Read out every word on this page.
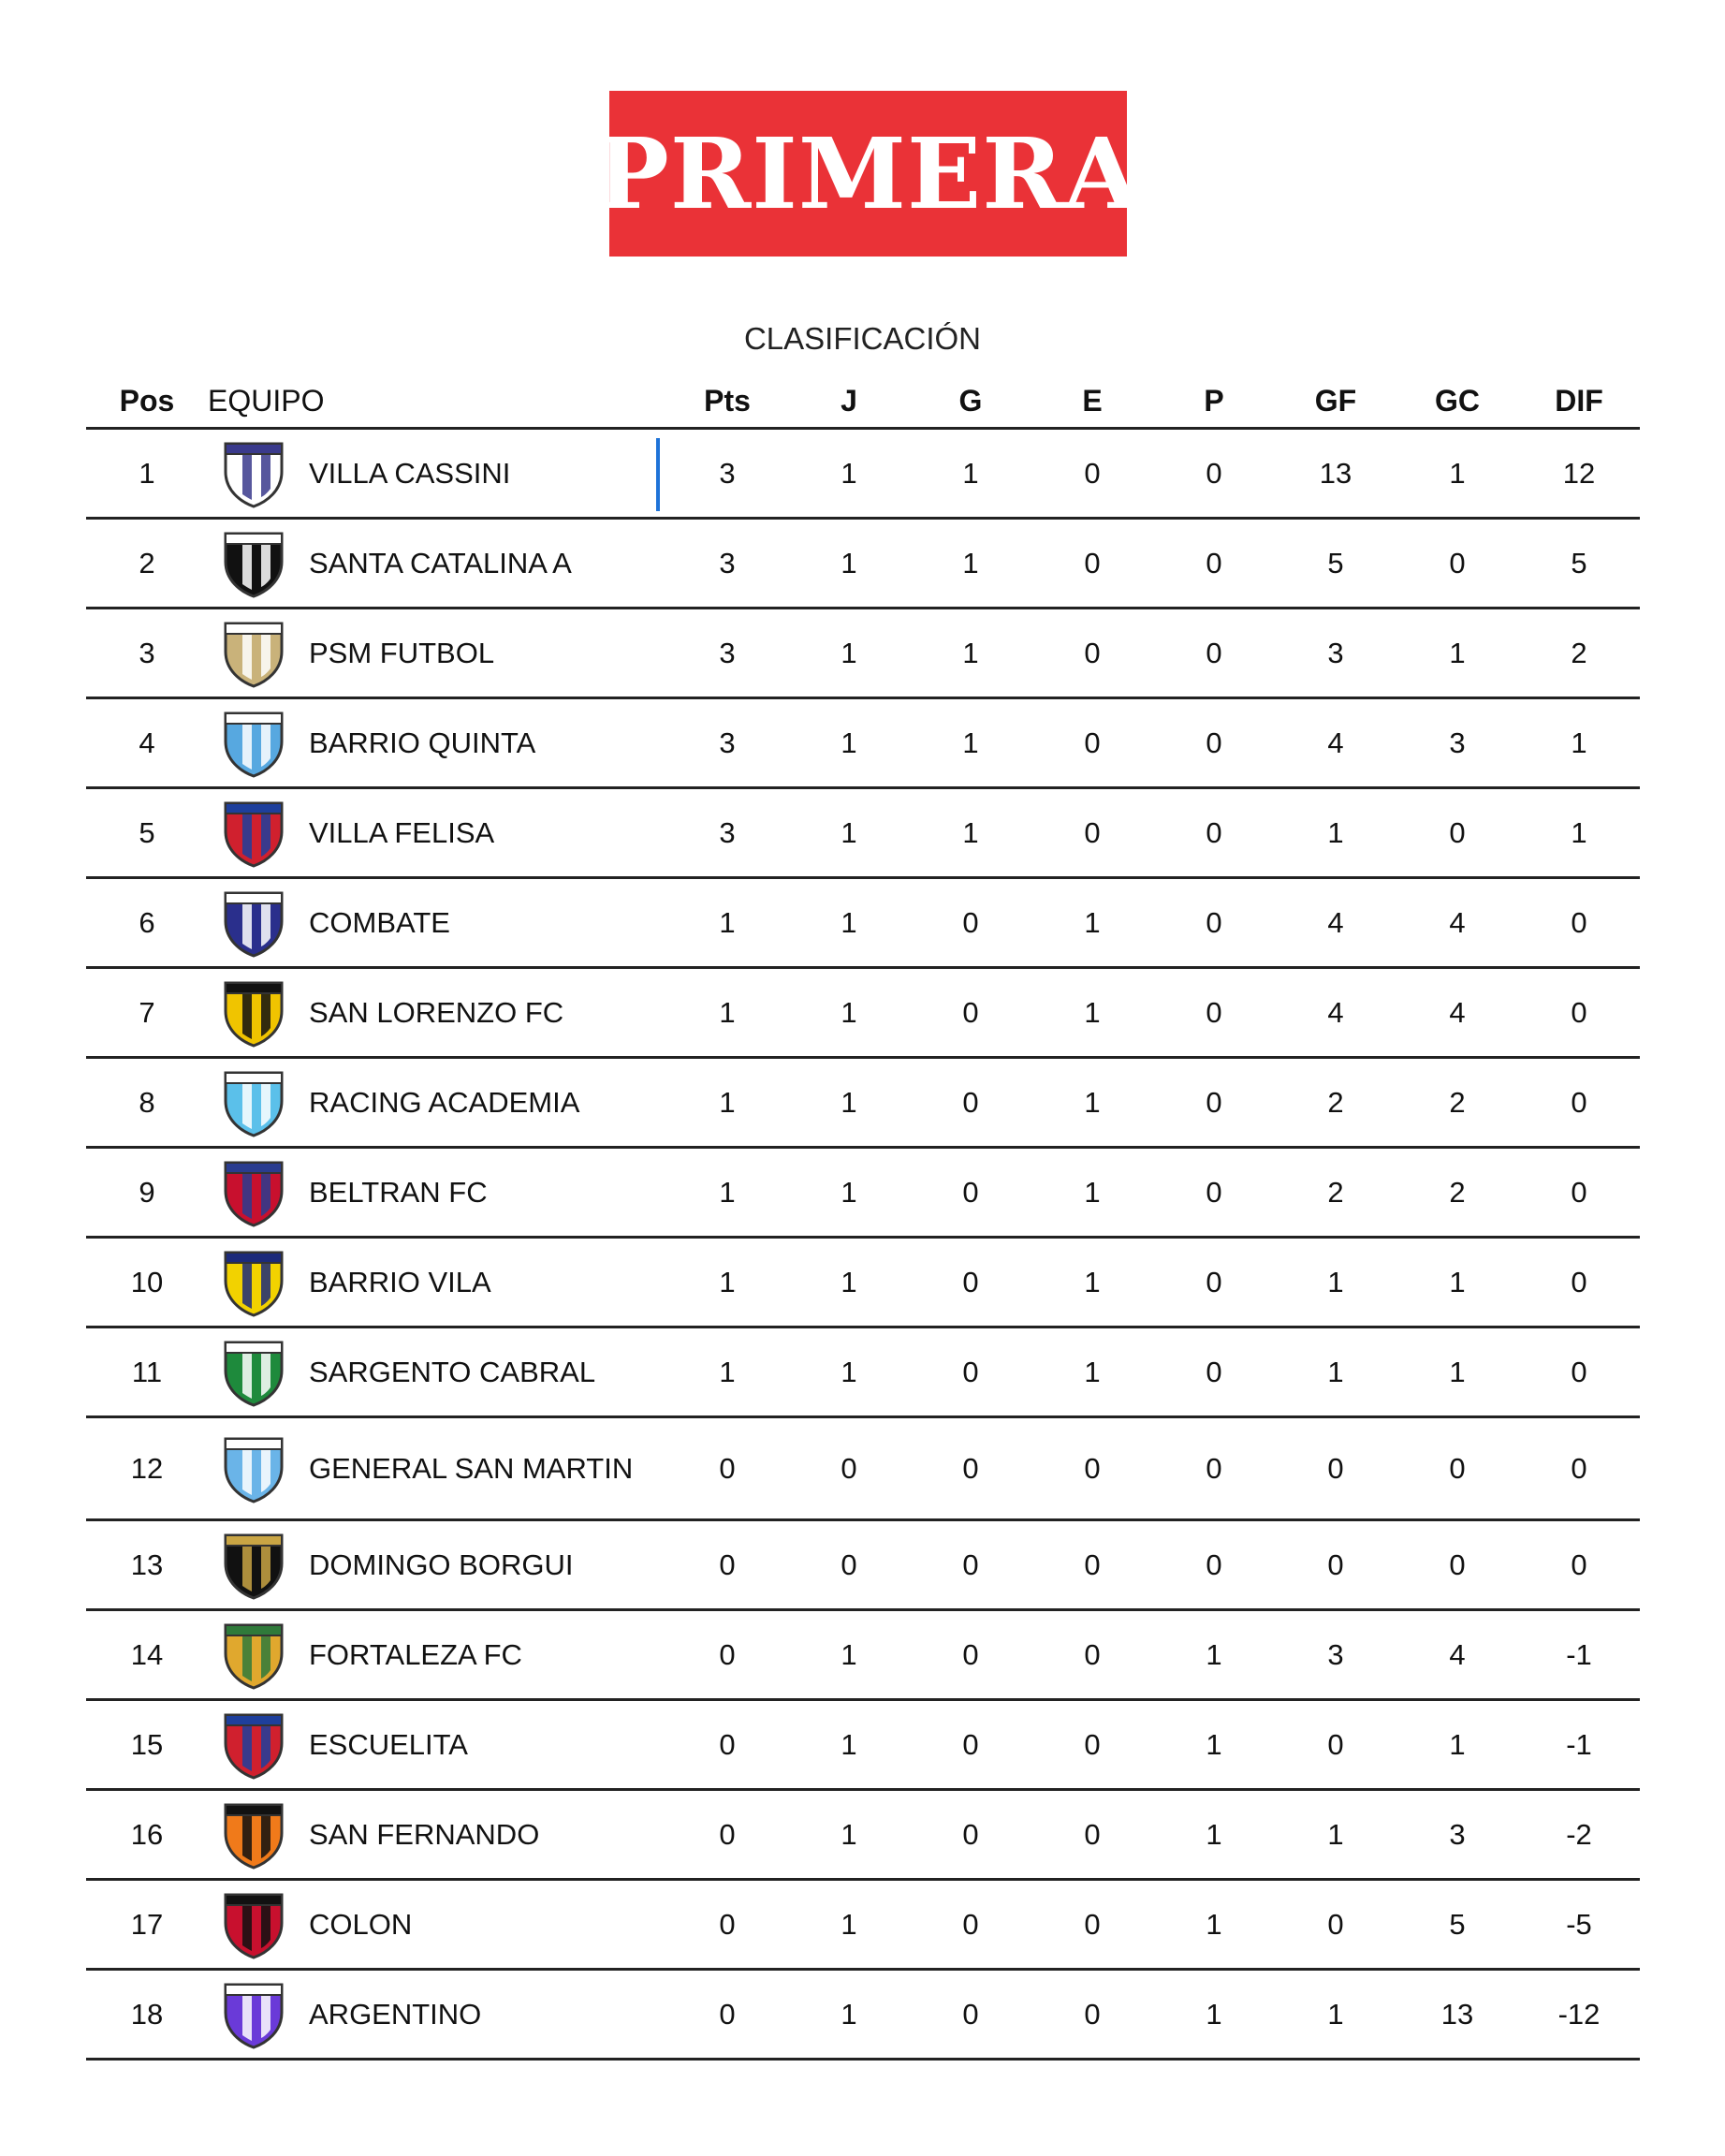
PRIMERA
CLASIFICACIÓN
Pos	EQUIPO	Pts	J	G	E	P	GF	GC	DIF
1	VILLA CASSINI	3	1	1	0	0	13	1	12
2	SANTA CATALINA A	3	1	1	0	0	5	0	5
3	PSM FUTBOL	3	1	1	0	0	3	1	2
4	BARRIO QUINTA	3	1	1	0	0	4	3	1
5	VILLA FELISA	3	1	1	0	0	1	0	1
6	COMBATE	1	1	0	1	0	4	4	0
7	SAN LORENZO FC	1	1	0	1	0	4	4	0
8	RACING ACADEMIA	1	1	0	1	0	2	2	0
9	BELTRAN FC	1	1	0	1	0	2	2	0
10	BARRIO VILA	1	1	0	1	0	1	1	0
11	SARGENTO CABRAL	1	1	0	1	0	1	1	0
12	GENERAL SAN MARTIN	0	0	0	0	0	0	0	0
13	DOMINGO BORGUI	0	0	0	0	0	0	0	0
14	FORTALEZA FC	0	1	0	0	1	3	4	-1
15	ESCUELITA	0	1	0	0	1	0	1	-1
16	SAN FERNANDO	0	1	0	0	1	1	3	-2
17	COLON	0	1	0	0	1	0	5	-5
18	ARGENTINO	0	1	0	0	1	1	13	-12
